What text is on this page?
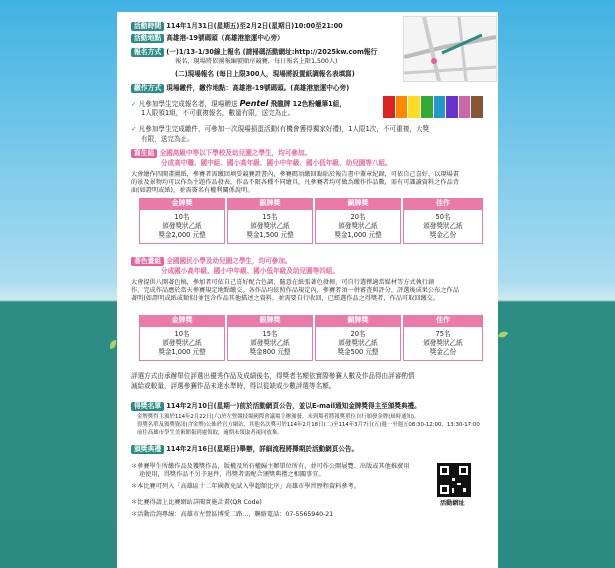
活動時間 114年1月31日(星期五)至2月2日(星期日)10:00至21:00
活動地點 高雄港-19號碼頭（高雄港旅運中心旁）
報名方式 (一)1/13-1/30線上報名 (請掃碼活動網址:http://2025kw.com報行
報名，現場將依團報編號順序競賽，每日報名上限1,500人)
(二)現場報名 (每日上限300人，現場將設置紙調報名表填寫)
繳作方式 現場繳件，繳作地點：高雄港-19號碼頭。(高雄港旅運中心旁)
✓ 凡參加學生完成報名者，現場贈送 Pentel 飛龍牌 12色粉蠟筆1組，
1人限領1組，不可重複報名，數量有限，送完為止。
✓ 凡參加學生完成繳件，可參加一次現場摃蛋活動(有機會獲得獨家好禮)，1人限1次，不可重複，大獎
有限，送完為止。
寫生組 全國高級中等以下學校及幼兒園之學生，均可參加。
分成高中職、國中組、國小高年級、國小中年級、國小低年級、幼兒園等八組。
大會繪作四開畫圖紙，參賽者需繳回填妥競賽證書內，參賽碼須繳回黏貼於報告書中蓋章紀錄，可依自己喜好，以現場畫
的景及景物均可以作為主題作品發表，作品不限各種不同繪具，凡參賽者均可做為繳作作品數，需有可識讀資料之作品背
面(如證明或紙)，並需簽名有權利關係說明。
金牌獎
10名
頒發獎狀乙紙
獎金2,000 元整
銀牌獎
15名
頒發獎狀乙紙
獎金1,500 元整
銅牌獎
20名
頒發獎狀乙紙
獎金1,000 元整
佳作
50名
頒發獎狀乙紙
獎金乙份
著色畫組 全國國民小學及幼兒園之學生，均可參加。
分成國小高年級、國小中年級、國小低年級及幼兒園等四組。
大會提供八開著色稿，參加者可依自己喜好配合色調，隨意在紙張著色發揮，可自行選擇適當媒材等方式執行創
作，完成作品應於當天參賽規定地點繳交。各作品均依照作品規定內，參賽者須一併審查與評分，評選後成果公布之作品
著明(如證明或紙或類似)並包含作品其他描述之資料，並需要自行收回，已經選作品之得獎者，作品可取回繳交。
金牌獎
10名
頒發獎狀乙紙
獎金1,000 元整
銀牌獎
15名
頒發獎狀乙紙
獎金800 元整
銅牌獎
20名
頒發獎狀乙紙
獎金500 元整
佳作
75名
頒發獎狀乙紙
獎金乙份
評選方式由承辦單位評選出優秀作品及成績後名，得獎者名額依實際參賽人數及作品得由評審酌情
減給或較量，評選參賽作品未達水準時，得以從缺或少數評選等名額。
得獎名單 114年2月10日(星期一)前於活動網頁公告，並以E-mail通知金牌獎得主至頒獎典禮。
金牌獎得主頒於114年2月22日(六)於左營競技場國際會議場主辦頒發，未到場者將報獎單位自行頒發金牌(屆時通知)。
得獎名單及頒獎資訊(含金牌)公佈於官方網站，其他名次獎可於114年2月18日(二)至114年3月7日(五)週一至週五08:30-12:00、13:30-17:00
前往高雄市學生美術館報到處領取，逾期未領取者視同放棄。
頒獎典禮 114年2月16日(星期日)舉辦，詳細流程將擇期於活動網頁公告。
＊參賽學生所繳作品及獲獎作品，版權及所有權歸主辦單位所有，並可作公開展覽、出版或其他推廣用
途使用，得獎作品不另予退件，得獎者需配合頒獎典禮之相關事宜。
＊本比賽可列入「高雄區十二年國教免試入學超額比序」高雄市學習歷程資料參考。
＊比賽得請上比賽網站詳閱實施計畫(QR Code)
＊活動洽詢專線：高雄市左營區博愛二路...，聯絡電話：07-5565940-21
活動網址
